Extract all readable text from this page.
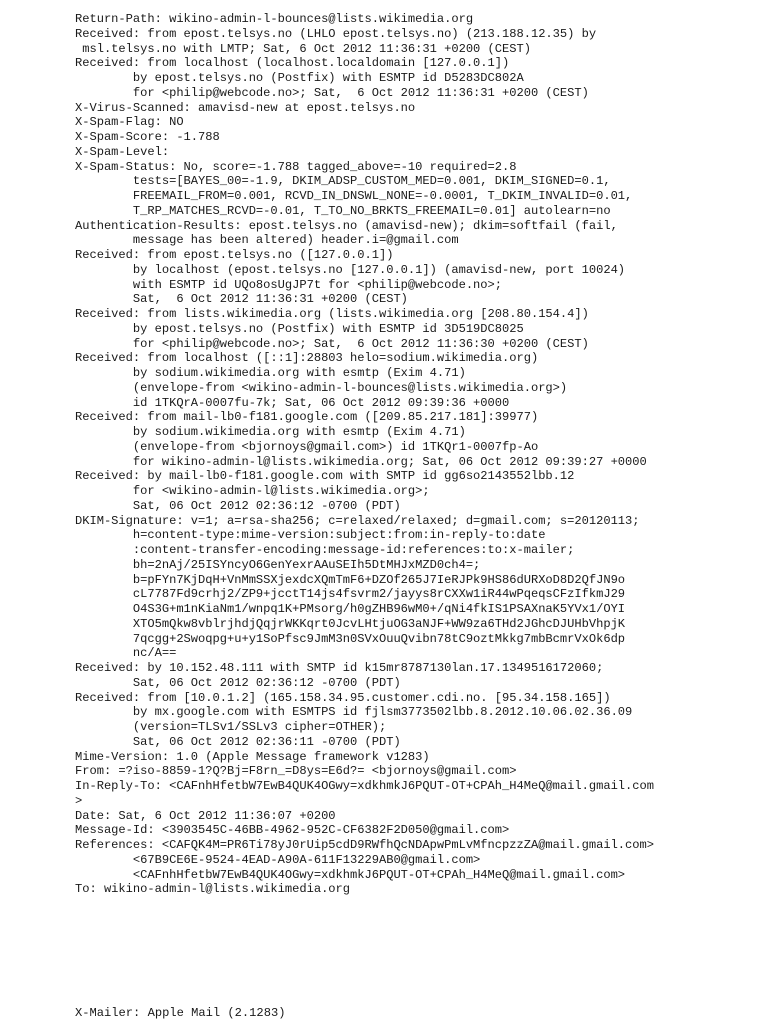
Return-Path: wikino-admin-l-bounces@lists.wikimedia.org
Received: from epost.telsys.no (LHLO epost.telsys.no) (213.188.12.35) by
msl.telsys.no with LMTP; Sat, 6 Oct 2012 11:36:31 +0200 (CEST)
Received: from localhost (localhost.localdomain [127.0.0.1])
by epost.telsys.no (Postfix) with ESMTP id D5283DC802A
for <philip@webcode.no>; Sat,  6 Oct 2012 11:36:31 +0200 (CEST)
X-Virus-Scanned: amavisd-new at epost.telsys.no
X-Spam-Flag: NO
X-Spam-Score: -1.788
X-Spam-Level:
X-Spam-Status: No, score=-1.788 tagged_above=-10 required=2.8
tests=[BAYES_00=-1.9, DKIM_ADSP_CUSTOM_MED=0.001, DKIM_SIGNED=0.1,
FREEMAIL_FROM=0.001, RCVD_IN_DNSWL_NONE=-0.0001, T_DKIM_INVALID=0.01,
T_RP_MATCHES_RCVD=-0.01, T_TO_NO_BRKTS_FREEMAIL=0.01] autolearn=no
Authentication-Results: epost.telsys.no (amavisd-new); dkim=softfail (fail,
message has been altered) header.i=@gmail.com
Received: from epost.telsys.no ([127.0.0.1])
by localhost (epost.telsys.no [127.0.0.1]) (amavisd-new, port 10024)
with ESMTP id UQo8osUgJP7t for <philip@webcode.no>;
Sat,  6 Oct 2012 11:36:31 +0200 (CEST)
Received: from lists.wikimedia.org (lists.wikimedia.org [208.80.154.4])
by epost.telsys.no (Postfix) with ESMTP id 3D519DC8025
for <philip@webcode.no>; Sat,  6 Oct 2012 11:36:30 +0200 (CEST)
Received: from localhost ([::1]:28803 helo=sodium.wikimedia.org)
by sodium.wikimedia.org with esmtp (Exim 4.71)
(envelope-from <wikino-admin-l-bounces@lists.wikimedia.org>)
id 1TKQrA-0007fu-7k; Sat, 06 Oct 2012 09:39:36 +0000
Received: from mail-lb0-f181.google.com ([209.85.217.181]:39977)
by sodium.wikimedia.org with esmtp (Exim 4.71)
(envelope-from <bjornoys@gmail.com>) id 1TKQr1-0007fp-Ao
for wikino-admin-l@lists.wikimedia.org; Sat, 06 Oct 2012 09:39:27 +0000
Received: by mail-lb0-f181.google.com with SMTP id gg6so2143552lbb.12
for <wikino-admin-l@lists.wikimedia.org>;
Sat, 06 Oct 2012 02:36:12 -0700 (PDT)
DKIM-Signature: v=1; a=rsa-sha256; c=relaxed/relaxed; d=gmail.com; s=20120113;
h=content-type:mime-version:subject:from:in-reply-to:date
:content-transfer-encoding:message-id:references:to:x-mailer;
bh=2nAj/25ISYncyO6GenYexrAAuSEIh5DtMHJxMZD0ch4=;
b=pFYn7KjDqH+VnMmSSXjexdcXQmTmF6+DZOf265J7IeRJPk9HS86dURXoD8D2QfJN9o
cL7787Fd9crhj2/ZP9+jcctT14js4fsvrm2/jayys8rCXXw1iR44wPqeqsCFzIfkmJ29
O4S3G+m1nKiaNm1/wnpq1K+PMsorg/h0gZHB96wM0+/qNi4fkIS1PSAXnaK5YVx1/OYI
XTO5mQkw8vblrjhdjQqjrWKKqrt0JcvLHtjuOG3aNJF+WW9za6THd2JGhcDJUHbVhpjK
7qcgg+2Swoqpg+u+y1SoPfsc9JmM3n0SVxOuuQvibn78tC9oztMkkg7mbBcmrVxOk6dp
nc/A==
Received: by 10.152.48.111 with SMTP id k15mr8787130lan.17.1349516172060;
Sat, 06 Oct 2012 02:36:12 -0700 (PDT)
Received: from [10.0.1.2] (165.158.34.95.customer.cdi.no. [95.34.158.165])
by mx.google.com with ESMTPS id fjlsm3773502lbb.8.2012.10.06.02.36.09
(version=TLSv1/SSLv3 cipher=OTHER);
Sat, 06 Oct 2012 02:36:11 -0700 (PDT)
Mime-Version: 1.0 (Apple Message framework v1283)
From: =?iso-8859-1?Q?Bj=F8rn_=D8ys=E6d?= <bjornoys@gmail.com>
In-Reply-To: <CAFnhHfetbW7EwB4QUK4OGwy=xdkhmkJ6PQUT-OT+CPAh_H4MeQ@mail.gmail.com
>
Date: Sat, 6 Oct 2012 11:36:07 +0200
Message-Id: <3903545C-46BB-4962-952C-CF6382F2D050@gmail.com>
References: <CAFQK4M=PR6Ti78yJ0rUip5cdD9RWfhQcNDApwPmLvMfncpzzZA@mail.gmail.com>
<67B9CE6E-9524-4EAD-A90A-611F13229AB0@gmail.com>
<CAFnhHfetbW7EwB4QUK4OGwy=xdkhmkJ6PQUT-OT+CPAh_H4MeQ@mail.gmail.com>
To: wikino-admin-l@lists.wikimedia.org
X-Mailer: Apple Mail (2.1283)
